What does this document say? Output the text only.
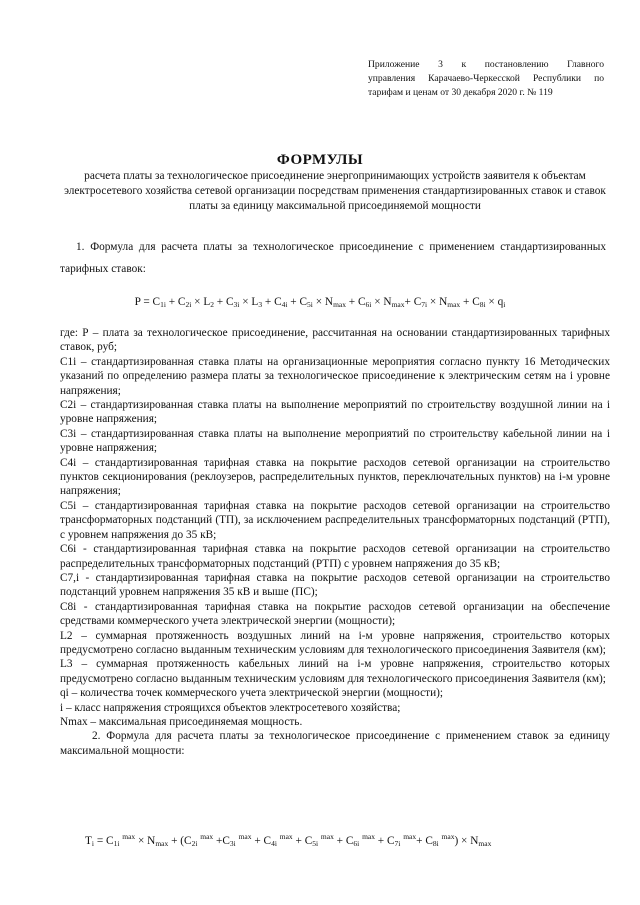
Приложение 3 к постановлению Главного
управления Карачаево-Черкесской Республики по
тарифам и ценам от 30 декабря 2020 г. № 119
ФОРМУЛЫ
расчета платы за технологическое присоединение энергопринимающих устройств заявителя к объектам электросетевого хозяйства сетевой организации посредствам применения стандартизированных ставок и ставок платы за единицу максимальной присоединяемой мощности
1. Формула для расчета платы за технологическое присоединение с применением стандартизированных тарифных ставок:
$P = C_{1i} + C_{2i} \times L_2 + C_{3i} \times L_3 + C_{4i} + C_{5i} \times N_{max} + C_{6i} \times N_{max}+ C_{7i} \times N_{max} + C_{8i} \times q_i$

где: Р – плата за технологическое присоединение, рассчитанная на основании стандартизированных тарифных ставок, руб;

С1i – стандартизированная ставка платы на организационные мероприятия согласно пункту 16 Методических указаний по определению размера платы за технологическое присоединение к электрическим сетям на i уровне напряжения;

С2i – стандартизированная ставка платы на выполнение мероприятий по строительству воздушной линии на i уровне напряжения;

С3i – стандартизированная ставка платы на выполнение мероприятий по строительству кабельной линии на i уровне напряжения;

С4i – стандартизированная тарифная ставка на покрытие расходов сетевой организации на строительство пунктов секционирования (реклоузеров, распределительных пунктов, переключательных пунктов) на i-м уровне напряжения;

С5i – стандартизированная тарифная ставка на покрытие расходов сетевой организации на строительство трансформаторных подстанций (ТП), за исключением распределительных трансформаторных подстанций (РТП), с уровнем напряжения до 35 кВ;

С6i - стандартизированная тарифная ставка на покрытие расходов сетевой организации на строительство распределительных трансформаторных подстанций (РТП) с уровнем напряжения до 35 кВ;

С7,i - стандартизированная тарифная ставка на покрытие расходов сетевой организации на строительство подстанций уровнем напряжения 35 кВ и выше (ПС);

С8i - стандартизированная тарифная ставка на покрытие расходов сетевой организации на обеспечение средствами коммерческого учета электрической энергии (мощности);

L2 – суммарная протяженность воздушных линий на i-м уровне напряжения, строительство которых предусмотрено согласно выданным техническим условиям для технологического присоединения Заявителя (км);

L3 – суммарная протяженность кабельных линий на i-м уровне напряжения, строительство которых предусмотрено согласно выданным техническим условиям для технологического присоединения Заявителя (км);

qi – количества точек коммерческого учета электрической энергии (мощности);

i – класс напряжения строящихся объектов электросетевого хозяйства;

Nmax – максимальная присоединяемая мощность.

2. Формула для расчета платы за технологическое присоединение с применением ставок за единицу максимальной мощности:

$T_i = C_{1i}$ $^{max} \times N_{max} + (C_{2i}$ $^{max} +C_{3i}$ $^{max} + C_{4i}$ $^{max} + C_{5i}$ $^{max} + C_{6i}$ $^{max} + C_{7i}$ $^{max}+ C_{8i}$ $^{max}) \times N_{max}$
